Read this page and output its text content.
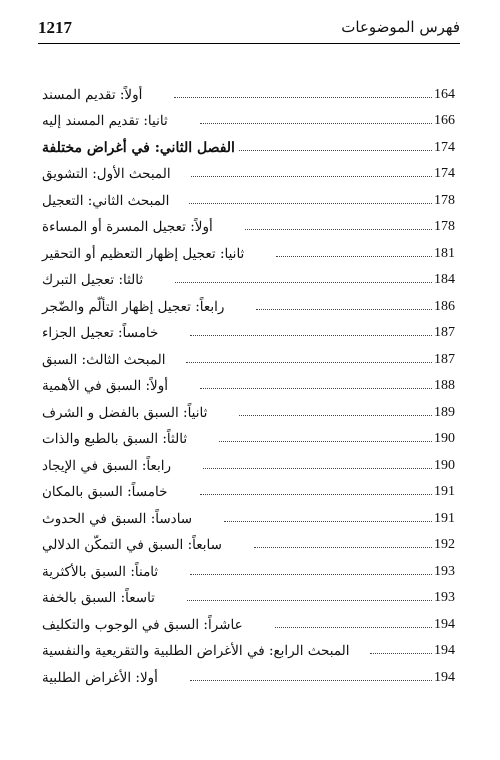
1217	فهرس الموضوعات
أولاً: تقديم المسند	164
ثانيا: تقديم المسند إليه	166
الفصل الثاني: في أغراض مختلفة	174
المبحث الأول: التشويق	174
المبحث الثاني: التعجيل	178
أولاً: تعجيل المسرة أو المساءة	178
ثانيا: تعجيل إظهار التعظيم أو التحقير	181
ثالثا: تعجيل التبرك	184
رابعاً: تعجيل إظهار التألّم والضّجر	186
خامساً: تعجيل الجزاء	187
المبحث الثالث: السبق	187
أولاً: السبق في الأهمية	188
ثانياً: السبق بالفضل و الشرف	189
ثالثاً: السبق بالطبع والذات	190
رابعاً: السبق في الإيجاد	190
خامساً: السبق بالمكان	191
سادساً: السبق في الحدوث	191
سابعاً: السبق في التمكّن الدلالي	192
ثامناً: السبق بالأكثرية	193
تاسعاً: السبق بالخفة	193
عاشراً: السبق في الوجوب والتكليف	194
المبحث الرابع: في الأغراض الطلبية والتقريعية والنفسية	194
أولا: الأغراض الطلبية	194
